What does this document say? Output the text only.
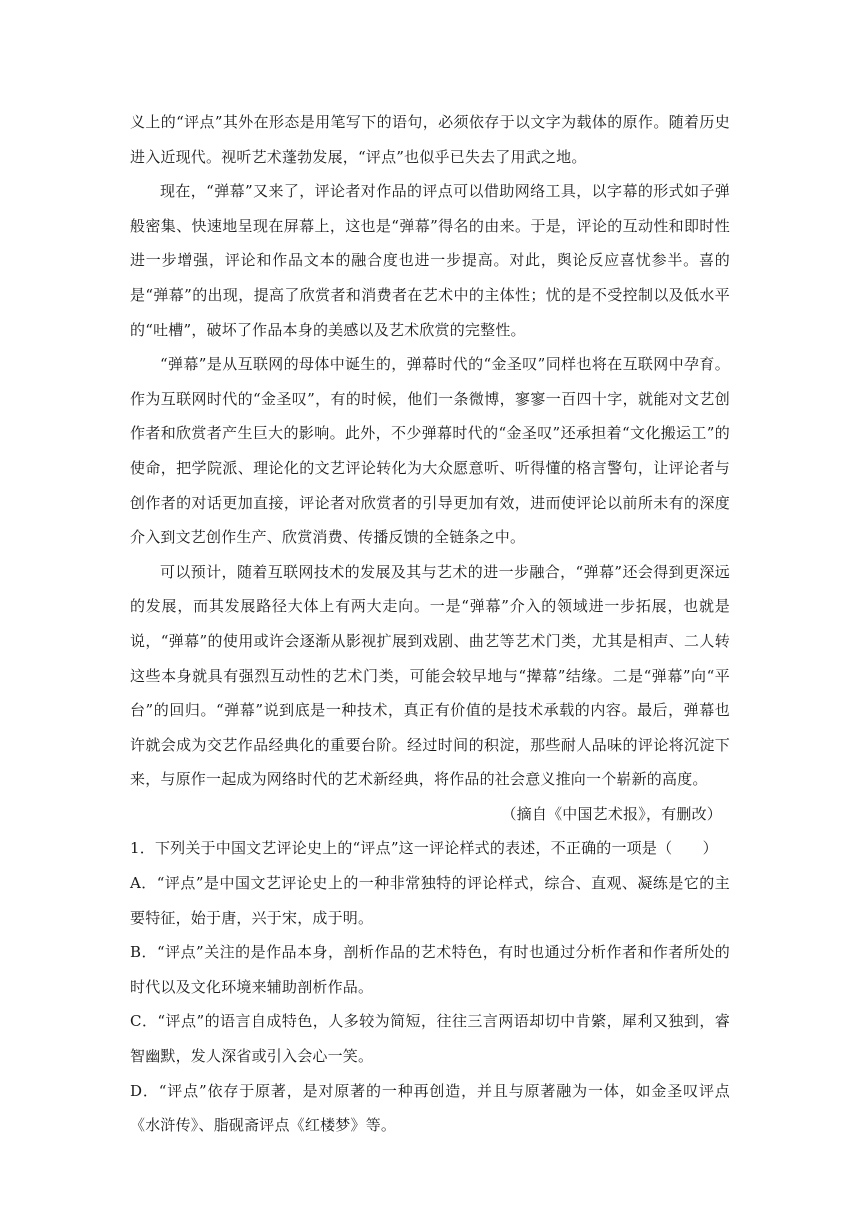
义上的“评点”其外在形态是用笔写下的语句，必须依存于以文字为载体的原作。随着历史进入近现代。视听艺术蓬勃发展，“评点”也似乎已失去了用武之地。

现在，“弹幕”又来了，评论者对作品的评点可以借助网络工具，以字幕的形式如子弹般密集、快速地呈现在屏幕上，这也是“弹幕”得名的由来。于是，评论的互动性和即时性进一步增强，评论和作品文本的融合度也进一步提高。对此，舆论反应喜忧参半。喜的是“弹幕”的出现，提高了欣赏者和消费者在艺术中的主体性；忧的是不受控制以及低水平的“吐槽”，破坏了作品本身的美感以及艺术欣赏的完整性。

“弹幕”是从互联网的母体中诞生的，弹幕时代的“金圣叹”同样也将在互联网中孕育。作为互联网时代的“金圣叹”，有的时候，他们一条微博，寥寥一百四十字，就能对文艺创作者和欣赏者产生巨大的影响。此外，不少弹幕时代的“金圣叹”还承担着“文化搬运工”的使命，把学院派、理论化的文艺评论转化为大众愿意听、听得懂的格言警句，让评论者与创作者的对话更加直接，评论者对欣赏者的引导更加有效，进而使评论以前所未有的深度介入到文艺创作生产、欣赏消费、传播反馈的全链条之中。

可以预计，随着互联网技术的发展及其与艺术的进一步融合，“弹幕”还会得到更深远的发展，而其发展路径大体上有两大走向。一是“弹幕”介入的领域进一步拓展，也就是说，“弹幕”的使用或许会逐渐从影视扩展到戏剧、曲艺等艺术门类，尤其是相声、二人转这些本身就具有强烈互动性的艺术门类，可能会较早地与“撵幕”结缘。二是“弹幕”向“平台”的回归。“弹幕”说到底是一种技术，真正有价值的是技术承载的内容。最后，弹幕也许就会成为交艺作品经典化的重要台阶。经过时间的积淀，那些耐人品味的评论将沉淀下来，与原作一起成为网络时代的艺术新经典，将作品的社会意义推向一个崭新的高度。

（摘自《中国艺术报》，有删改）

1．下列关于中国文艺评论史上的“评点”这一评论样式的表述，不正确的一项是（　　）

A．“评点”是中国文艺评论史上的一种非常独特的评论样式，综合、直观、凝练是它的主要特征，始于唐，兴于宋，成于明。

B．“评点”关注的是作品本身，剖析作品的艺术特色，有时也通过分析作者和作者所处的时代以及文化环境来辅助剖析作品。

C．“评点”的语言自成特色，人多较为简短，往往三言两语却切中肯綮，犀利又独到，睿智幽默，发人深省或引入会心一笑。

D．“评点”依存于原著，是对原著的一种再创造，并且与原著融为一体，如金圣叹评点《水浒传》、脂砚斋评点《红楼梦》等。
